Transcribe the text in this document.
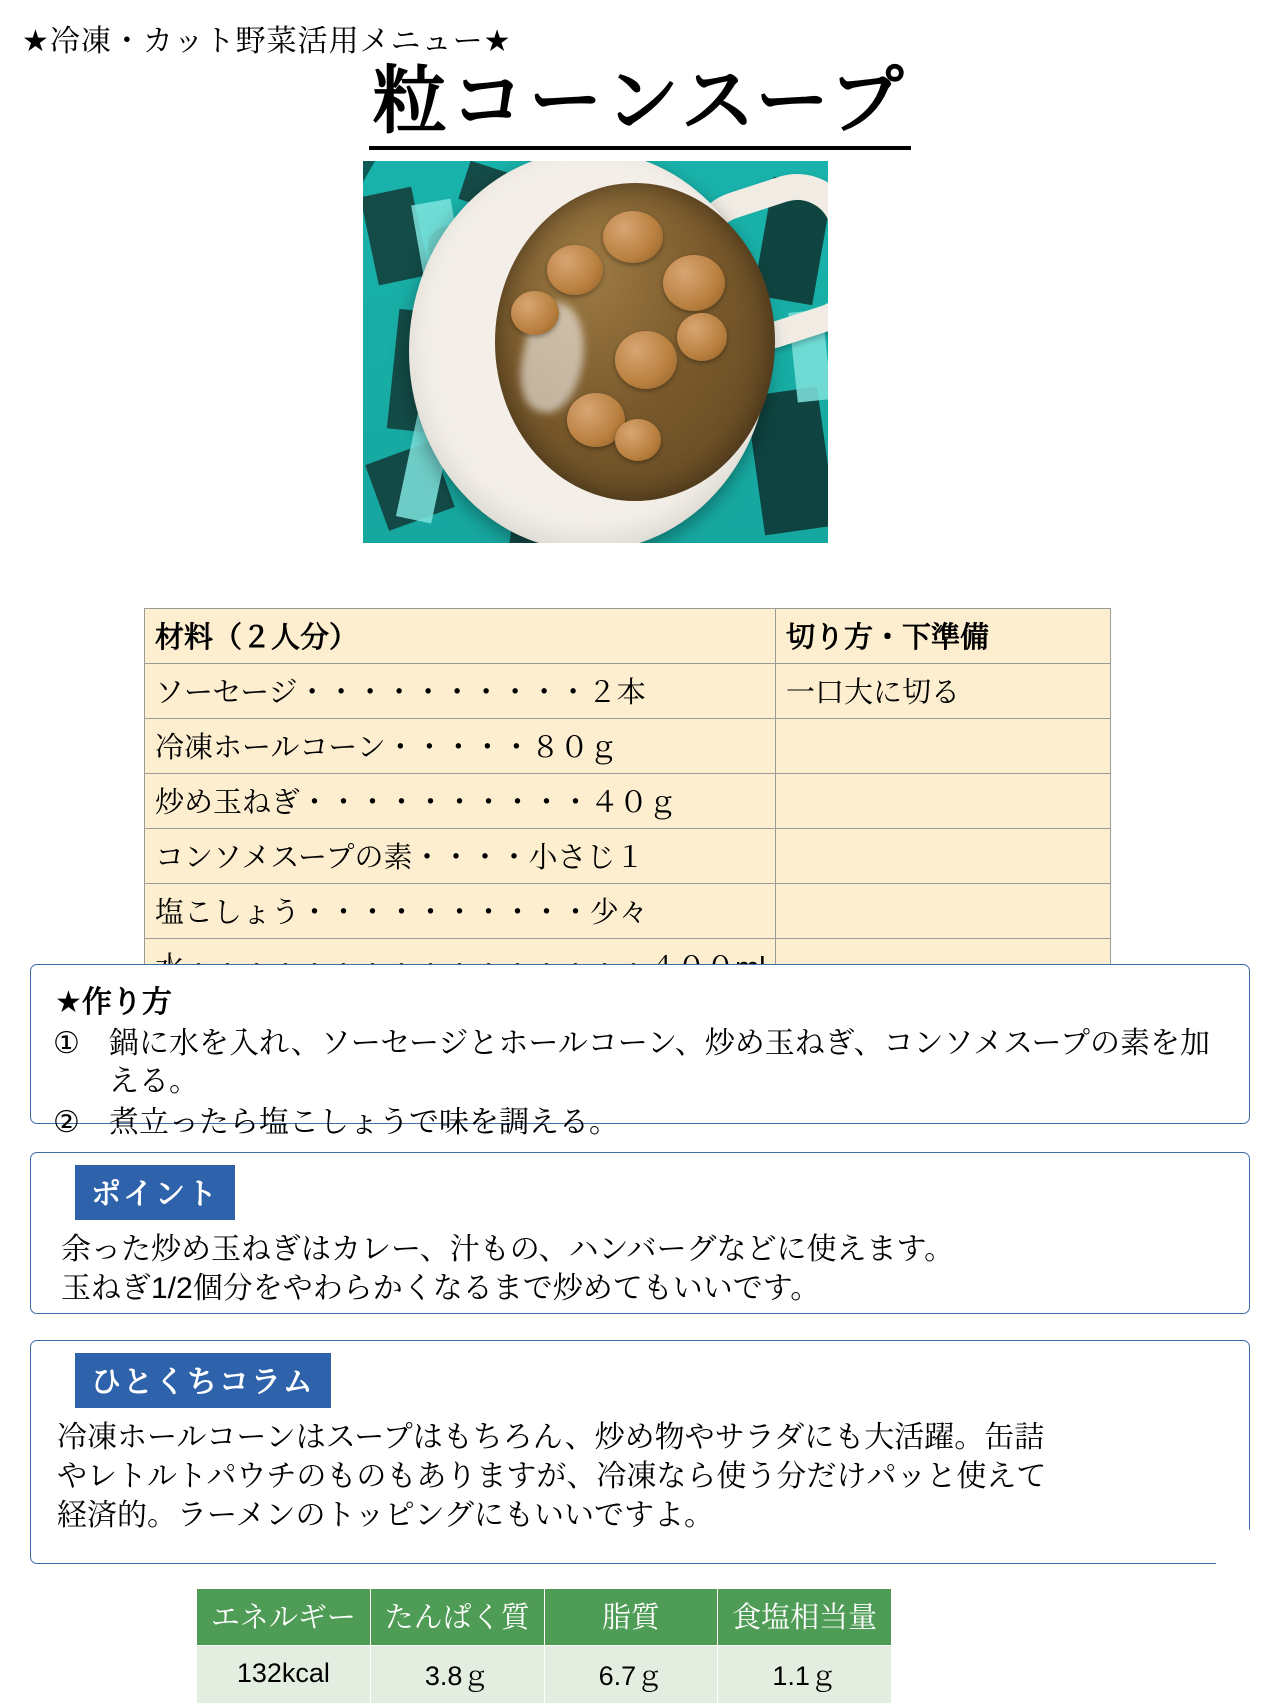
★冷凍・カット野菜活用メニュー★
粒コーンスープ
材料（２人分）	切り方・下準備
ソーセージ・・・・・・・・・・２本	一口大に切る
冷凍ホールコーン・・・・・８０ｇ	
炒め玉ねぎ・・・・・・・・・・４０ｇ	
コンソメスープの素・・・・小さじ１	
塩こしょう・・・・・・・・・・少々	

★作り方
① 鍋に水を入れ、ソーセージとホールコーン、炒め玉ねぎ、コンソメスープの素を加える。
② 煮立ったら塩こしょうで味を調える。
ポイント
余った炒め玉ねぎはカレー、汁もの、ハンバーグなどに使えます。
玉ねぎ1/2個分をやわらかくなるまで炒めてもいいです。
ひとくちコラム
冷凍ホールコーンはスープはもちろん、炒め物やサラダにも大活躍。缶詰
やレトルトパウチのものもありますが、冷凍なら使う分だけパッと使えて
経済的。ラーメンのトッピングにもいいですよ。
エネルギー	たんぱく質	脂質	食塩相当量
132kcal	3.8ｇ	6.7ｇ	1.1ｇ
